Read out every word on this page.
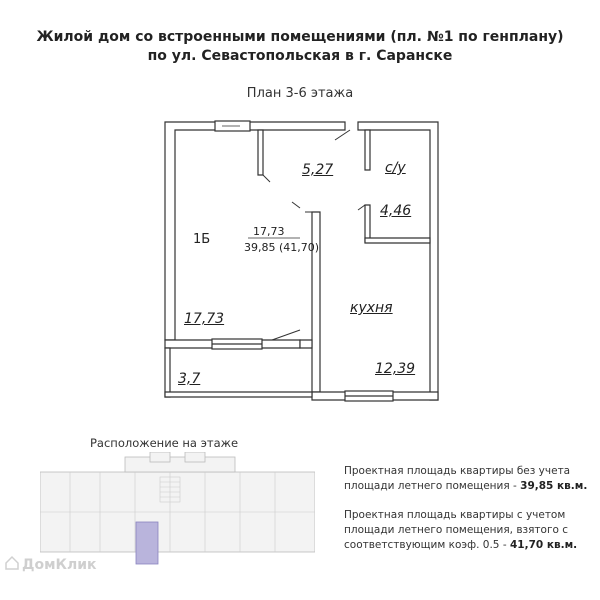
Жилой дом со встроенными помещениями (пл. №1 по генплану)
по ул. Севастопольская в г. Саранске
План 3-6 этажа
5,27	с/у
4,46
17,73
кухня
12,39
3,7
1Б
17,73
39,85 (41,70)
Расположение на этаже
Проектная площадь квартиры без учета площади летнего помещения - 39,85 кв.м.
Проектная площадь квартиры с учетом площади летнего помещения, взятого с соответствующим коэф. 0.5 - 41,70 кв.м.
ДомКлик
